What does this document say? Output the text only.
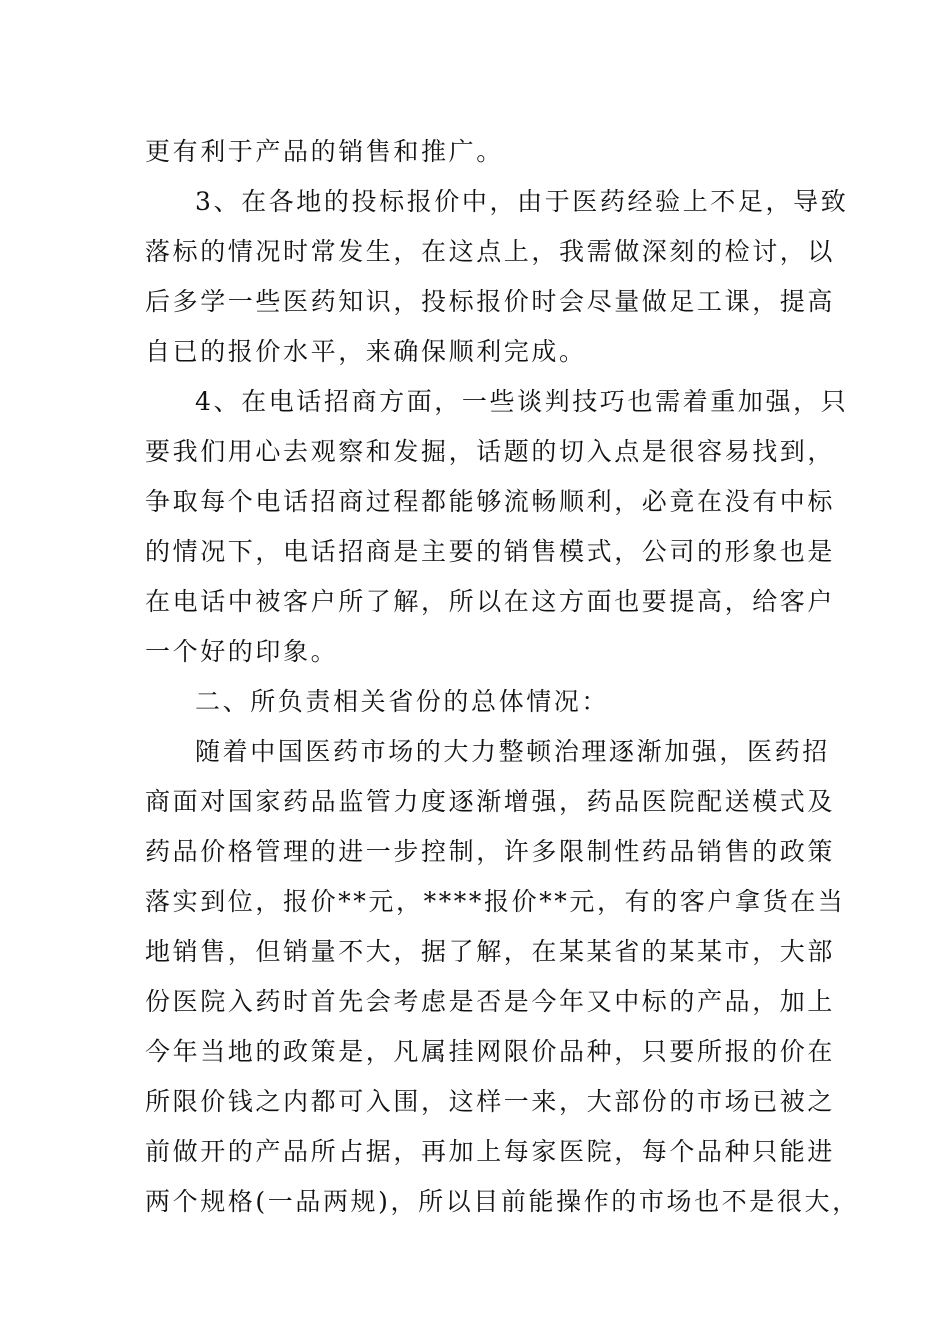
更有利于产品的销售和推广。
3、在各地的投标报价中，由于医药经验上不足，导致
落标的情况时常发生，在这点上，我需做深刻的检讨，以
后多学一些医药知识，投标报价时会尽量做足工课，提高
自已的报价水平，来确保顺利完成。
4、在电话招商方面，一些谈判技巧也需着重加强，只
要我们用心去观察和发掘，话题的切入点是很容易找到，
争取每个电话招商过程都能够流畅顺利，必竟在没有中标
的情况下，电话招商是主要的销售模式，公司的形象也是
在电话中被客户所了解，所以在这方面也要提高，给客户
一个好的印象。
二、所负责相关省份的总体情况：
随着中国医药市场的大力整顿治理逐渐加强，医药招
商面对国家药品监管力度逐渐增强，药品医院配送模式及
药品价格管理的进一步控制，许多限制性药品销售的政策
落实到位，报价**元，****报价**元，有的客户拿货在当
地销售，但销量不大，据了解，在某某省的某某市，大部
份医院入药时首先会考虑是否是今年又中标的产品，加上
今年当地的政策是，凡属挂网限价品种，只要所报的价在
所限价钱之内都可入围，这样一来，大部份的市场已被之
前做开的产品所占据，再加上每家医院，每个品种只能进
两个规格(一品两规)，所以目前能操作的市场也不是很大，
